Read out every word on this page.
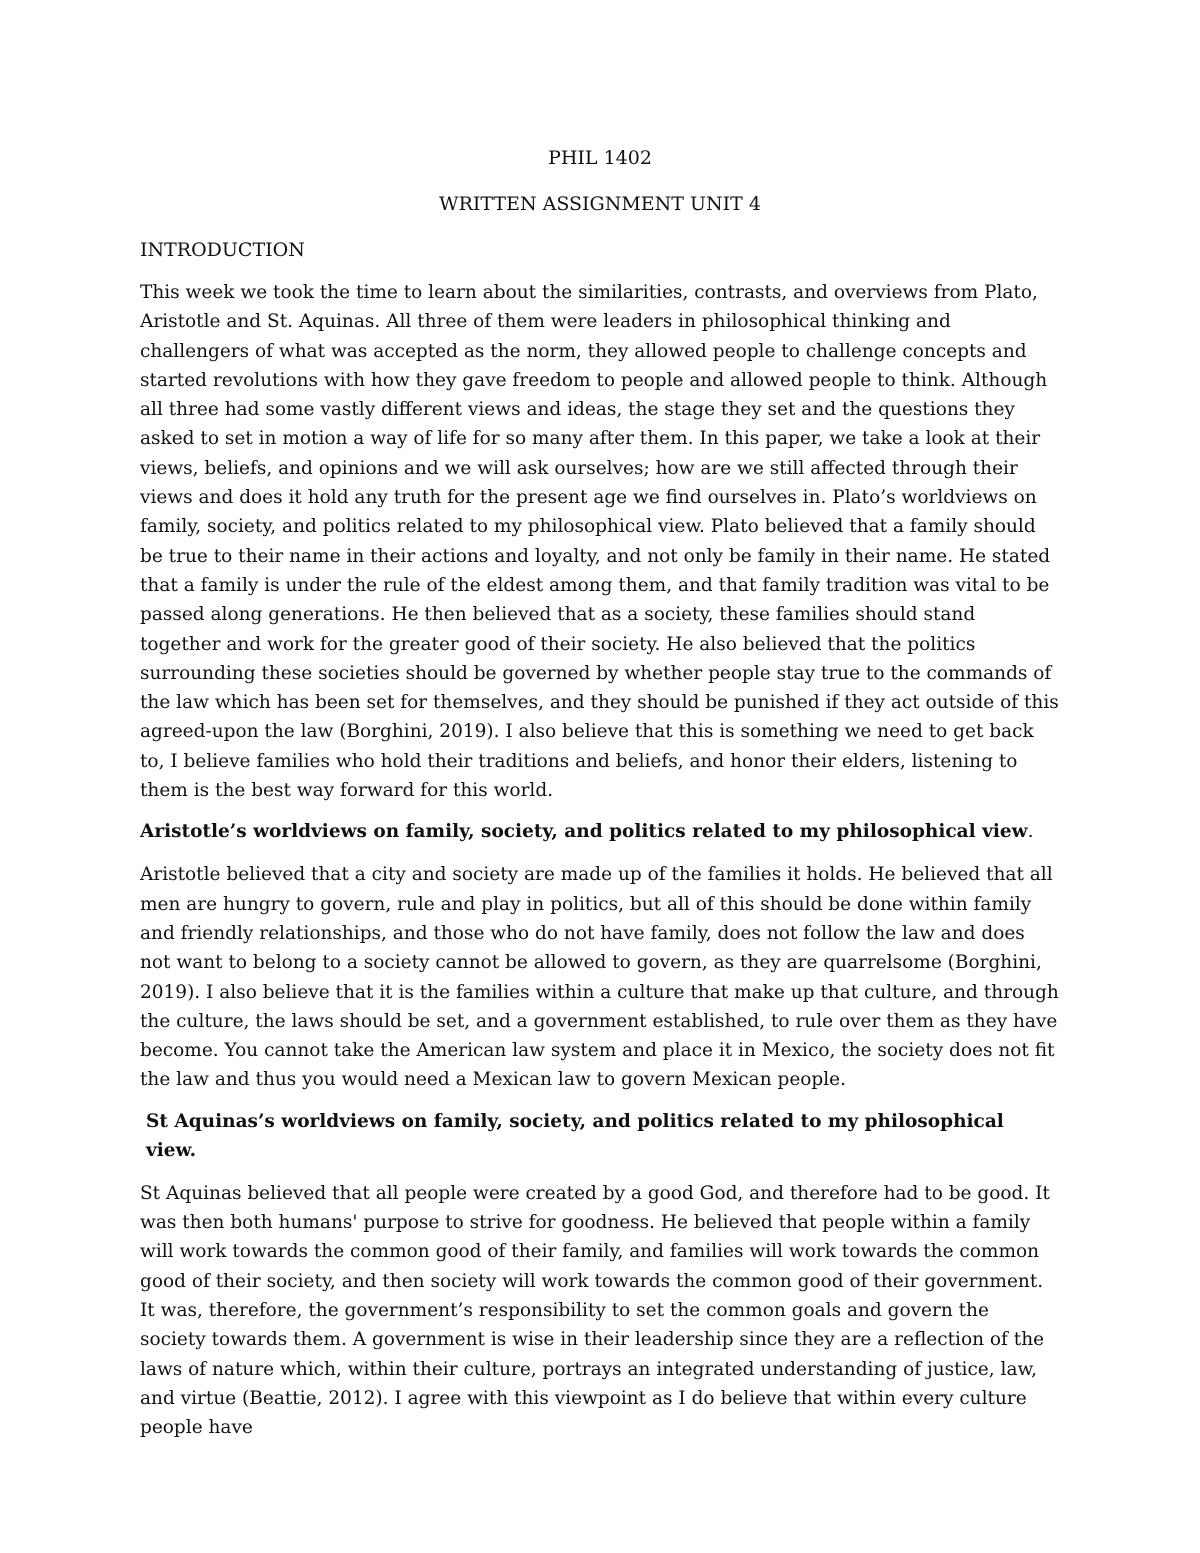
PHIL 1402

WRITTEN ASSIGNMENT UNIT 4

INTRODUCTION

This week we took the time to learn about the similarities, contrasts, and overviews from Plato, Aristotle and St. Aquinas. All three of them were leaders in philosophical thinking and challengers of what was accepted as the norm, they allowed people to challenge concepts and started revolutions with how they gave freedom to people and allowed people to think. Although all three had some vastly different views and ideas, the stage they set and the questions they asked to set in motion a way of life for so many after them. In this paper, we take a look at their views, beliefs, and opinions and we will ask ourselves; how are we still affected through their views and does it hold any truth for the present age we find ourselves in. Plato’s worldviews on family, society, and politics related to my philosophical view. Plato believed that a family should be true to their name in their actions and loyalty, and not only be family in their name. He stated that a family is under the rule of the eldest among them, and that family tradition was vital to be passed along generations. He then believed that as a society, these families should stand together and work for the greater good of their society. He also believed that the politics surrounding these societies should be governed by whether people stay true to the commands of the law which has been set for themselves, and they should be punished if they act outside of this agreed-upon the law (Borghini, 2019). I also believe that this is something we need to get back to, I believe families who hold their traditions and beliefs, and honor their elders, listening to them is the best way forward for this world.

Aristotle’s worldviews on family, society, and politics related to my philosophical view.

Aristotle believed that a city and society are made up of the families it holds. He believed that all men are hungry to govern, rule and play in politics, but all of this should be done within family and friendly relationships, and those who do not have family, does not follow the law and does not want to belong to a society cannot be allowed to govern, as they are quarrelsome (Borghini, 2019). I also believe that it is the families within a culture that make up that culture, and through the culture, the laws should be set, and a government established, to rule over them as they have become. You cannot take the American law system and place it in Mexico, the society does not fit the law and thus you would need a Mexican law to govern Mexican people.

St Aquinas’s worldviews on family, society, and politics related to my philosophical view.

St Aquinas believed that all people were created by a good God, and therefore had to be good. It was then both humans' purpose to strive for goodness. He believed that people within a family will work towards the common good of their family, and families will work towards the common good of their society, and then society will work towards the common good of their government. It was, therefore, the government’s responsibility to set the common goals and govern the society towards them. A government is wise in their leadership since they are a reflection of the laws of nature which, within their culture, portrays an integrated understanding of justice, law, and virtue (Beattie, 2012). I agree with this viewpoint as I do believe that within every culture people have
